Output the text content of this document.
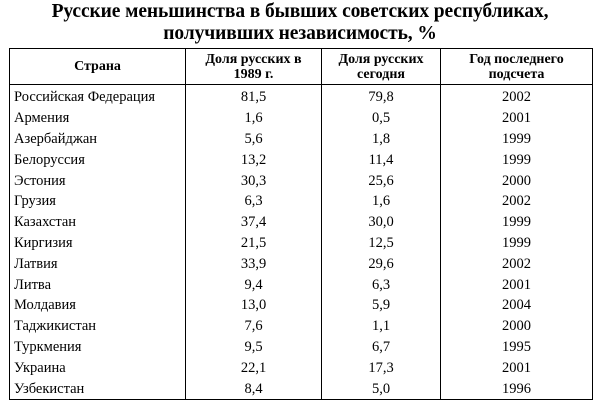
Русские меньшинства в бывших советских республиках,
получивших независимость, %
Страна	Доля русских в 1989 г.	Доля русских сегодня	Год последнего подсчета
Российская Федерация	81,5	79,8	2002
Армения	1,6	0,5	2001
Азербайджан	5,6	1,8	1999
Белоруссия	13,2	11,4	1999
Эстония	30,3	25,6	2000
Грузия	6,3	1,6	2002
Казахстан	37,4	30,0	1999
Киргизия	21,5	12,5	1999
Латвия	33,9	29,6	2002
Литва	9,4	6,3	2001
Молдавия	13,0	5,9	2004
Таджикистан	7,6	1,1	2000
Туркмения	9,5	6,7	1995
Украина	22,1	17,3	2001
Узбекистан	8,4	5,0	1996
